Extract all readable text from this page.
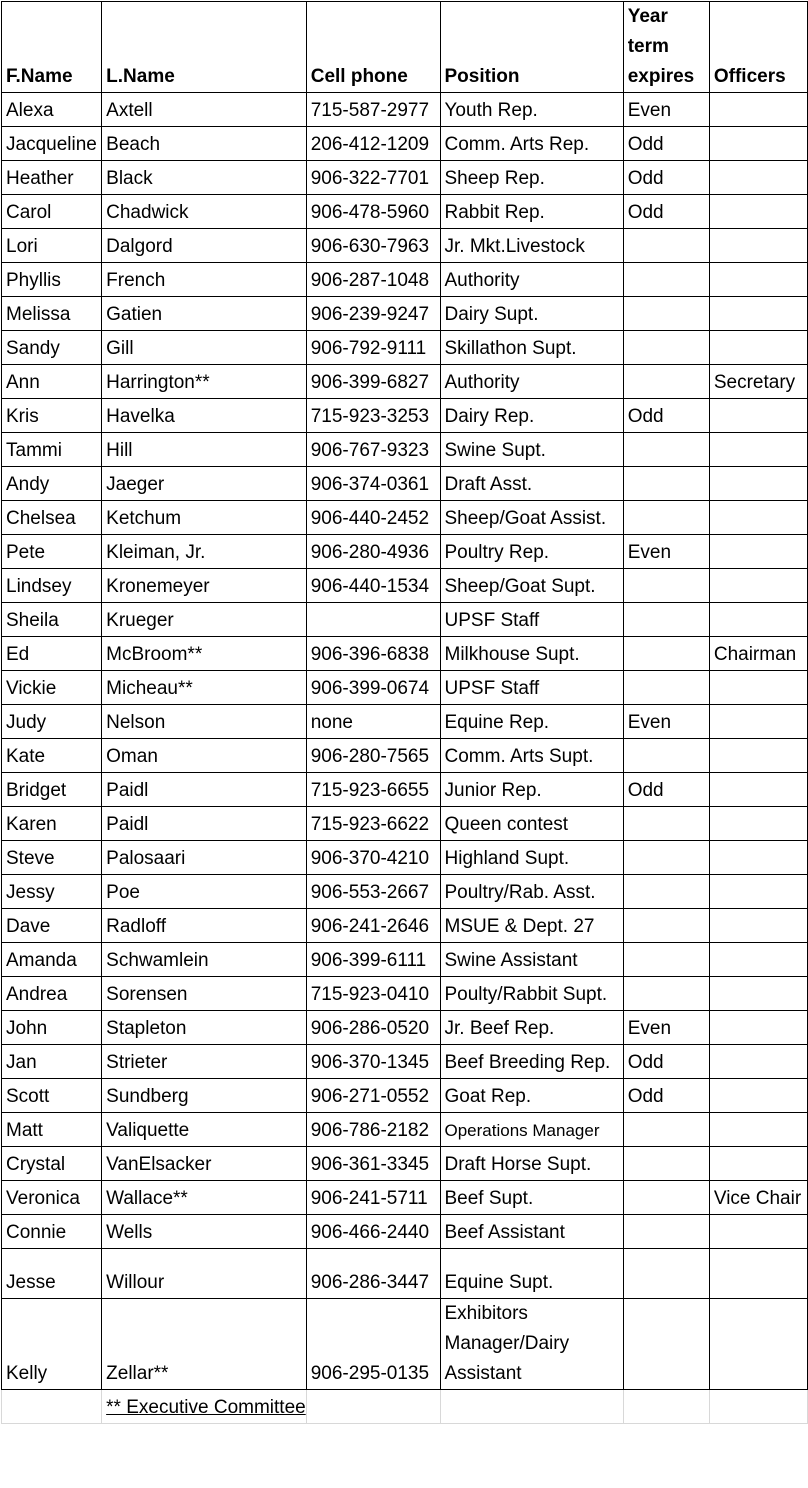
F.Name	L.Name	Cell phone	Position	Year term expires	Officers
Alexa	Axtell	715-587-2977	Youth Rep.	Even	
Jacqueline	Beach	206-412-1209	Comm. Arts Rep.	Odd	
Heather	Black	906-322-7701	Sheep Rep.	Odd	
Carol	Chadwick	906-478-5960	Rabbit Rep.	Odd	
Lori	Dalgord	906-630-7963	Jr. Mkt.Livestock		
Phyllis	French	906-287-1048	Authority		
Melissa	Gatien	906-239-9247	Dairy Supt.		
Sandy	Gill	906-792-9111	Skillathon Supt.		
Ann	Harrington**	906-399-6827	Authority		Secretary
Kris	Havelka	715-923-3253	Dairy Rep.	Odd	
Tammi	Hill	906-767-9323	Swine Supt.		
Andy	Jaeger	906-374-0361	Draft Asst.		
Chelsea	Ketchum	906-440-2452	Sheep/Goat Assist.		
Pete	Kleiman, Jr.	906-280-4936	Poultry Rep.	Even	
Lindsey	Kronemeyer	906-440-1534	Sheep/Goat Supt.		
Sheila	Krueger		UPSF Staff		
Ed	McBroom**	906-396-6838	Milkhouse Supt.		Chairman
Vickie	Micheau**	906-399-0674	UPSF Staff		
Judy	Nelson	none	Equine Rep.	Even	
Kate	Oman	906-280-7565	Comm. Arts Supt.		
Bridget	Paidl	715-923-6655	Junior Rep.	Odd	
Karen	Paidl	715-923-6622	Queen contest		
Steve	Palosaari	906-370-4210	Highland Supt.		
Jessy	Poe	906-553-2667	Poultry/Rab. Asst.		
Dave	Radloff	906-241-2646	MSUE & Dept. 27		
Amanda	Schwamlein	906-399-6111	Swine Assistant		
Andrea	Sorensen	715-923-0410	Poulty/Rabbit Supt.		
John	Stapleton	906-286-0520	Jr. Beef Rep.	Even	
Jan	Strieter	906-370-1345	Beef Breeding Rep.	Odd	
Scott	Sundberg	906-271-0552	Goat Rep.	Odd	
Matt	Valiquette	906-786-2182	Operations Manager		
Crystal	VanElsacker	906-361-3345	Draft Horse Supt.		
Veronica	Wallace**	906-241-5711	Beef Supt.		Vice Chair
Connie	Wells	906-466-2440	Beef Assistant		
Jesse	Willour	906-286-3447	Equine Supt.		
Kelly	Zellar**	906-295-0135	Exhibitors Manager/Dairy Assistant		
	** Executive Committee				
